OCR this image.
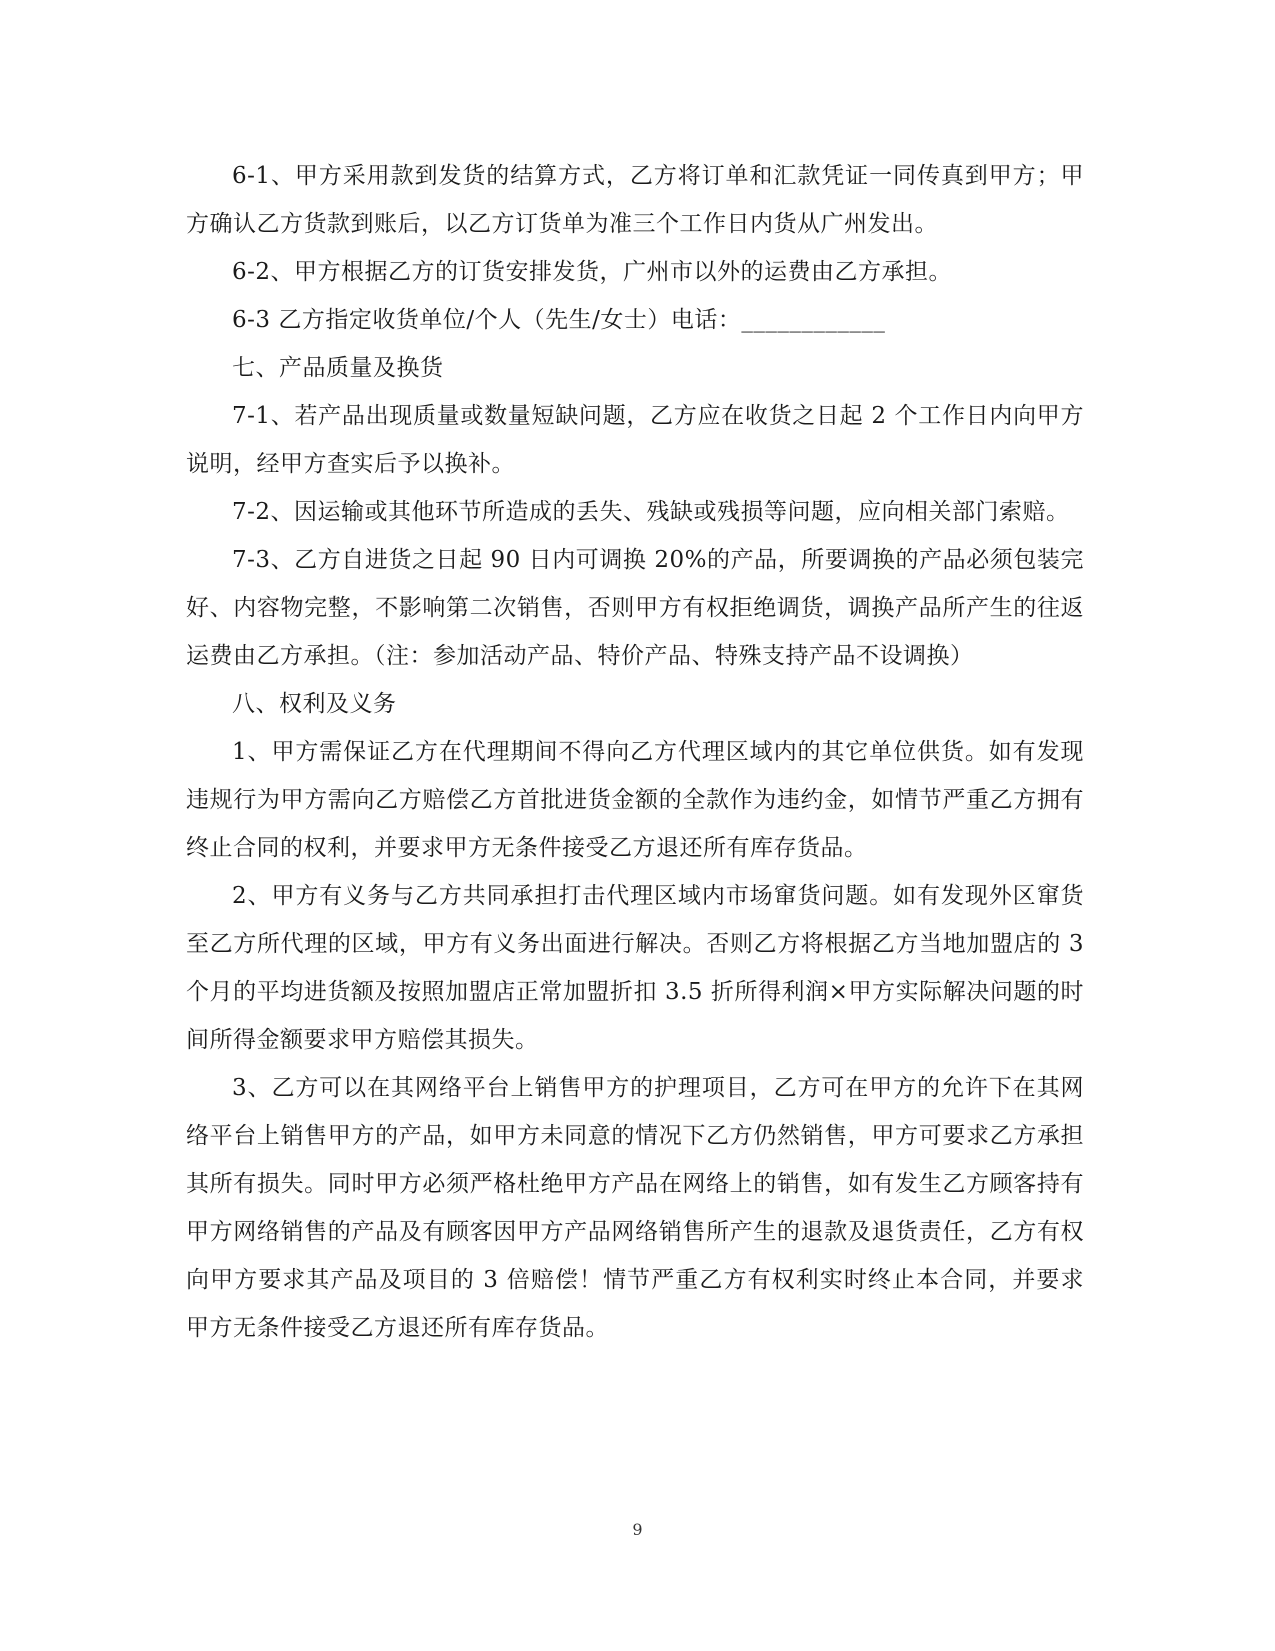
6-1、甲方采用款到发货的结算方式，乙方将订单和汇款凭证一同传真到甲方；甲方确认乙方货款到账后，以乙方订货单为准三个工作日内货从广州发出。

6-2、甲方根据乙方的订货安排发货，广州市以外的运费由乙方承担。

6-3 乙方指定收货单位/个人（先生/女士）电话：____________

七、产品质量及换货

7-1、若产品出现质量或数量短缺问题，乙方应在收货之日起 2 个工作日内向甲方说明，经甲方查实后予以换补。

7-2、因运输或其他环节所造成的丢失、残缺或残损等问题，应向相关部门索赔。

7-3、乙方自进货之日起 90 日内可调换 20%的产品，所要调换的产品必须包装完好、内容物完整，不影响第二次销售，否则甲方有权拒绝调货，调换产品所产生的往返运费由乙方承担。（注：参加活动产品、特价产品、特殊支持产品不设调换）

八、权利及义务

1、甲方需保证乙方在代理期间不得向乙方代理区域内的其它单位供货。如有发现违规行为甲方需向乙方赔偿乙方首批进货金额的全款作为违约金，如情节严重乙方拥有终止合同的权利，并要求甲方无条件接受乙方退还所有库存货品。

2、甲方有义务与乙方共同承担打击代理区域内市场窜货问题。如有发现外区窜货至乙方所代理的区域，甲方有义务出面进行解决。否则乙方将根据乙方当地加盟店的 3 个月的平均进货额及按照加盟店正常加盟折扣 3.5 折所得利润×甲方实际解决问题的时间所得金额要求甲方赔偿其损失。

3、乙方可以在其网络平台上销售甲方的护理项目，乙方可在甲方的允许下在其网络平台上销售甲方的产品，如甲方未同意的情况下乙方仍然销售，甲方可要求乙方承担其所有损失。同时甲方必须严格杜绝甲方产品在网络上的销售，如有发生乙方顾客持有甲方网络销售的产品及有顾客因甲方产品网络销售所产生的退款及退货责任，乙方有权向甲方要求其产品及项目的 3 倍赔偿！情节严重乙方有权利实时终止本合同，并要求甲方无条件接受乙方退还所有库存货品。

9
